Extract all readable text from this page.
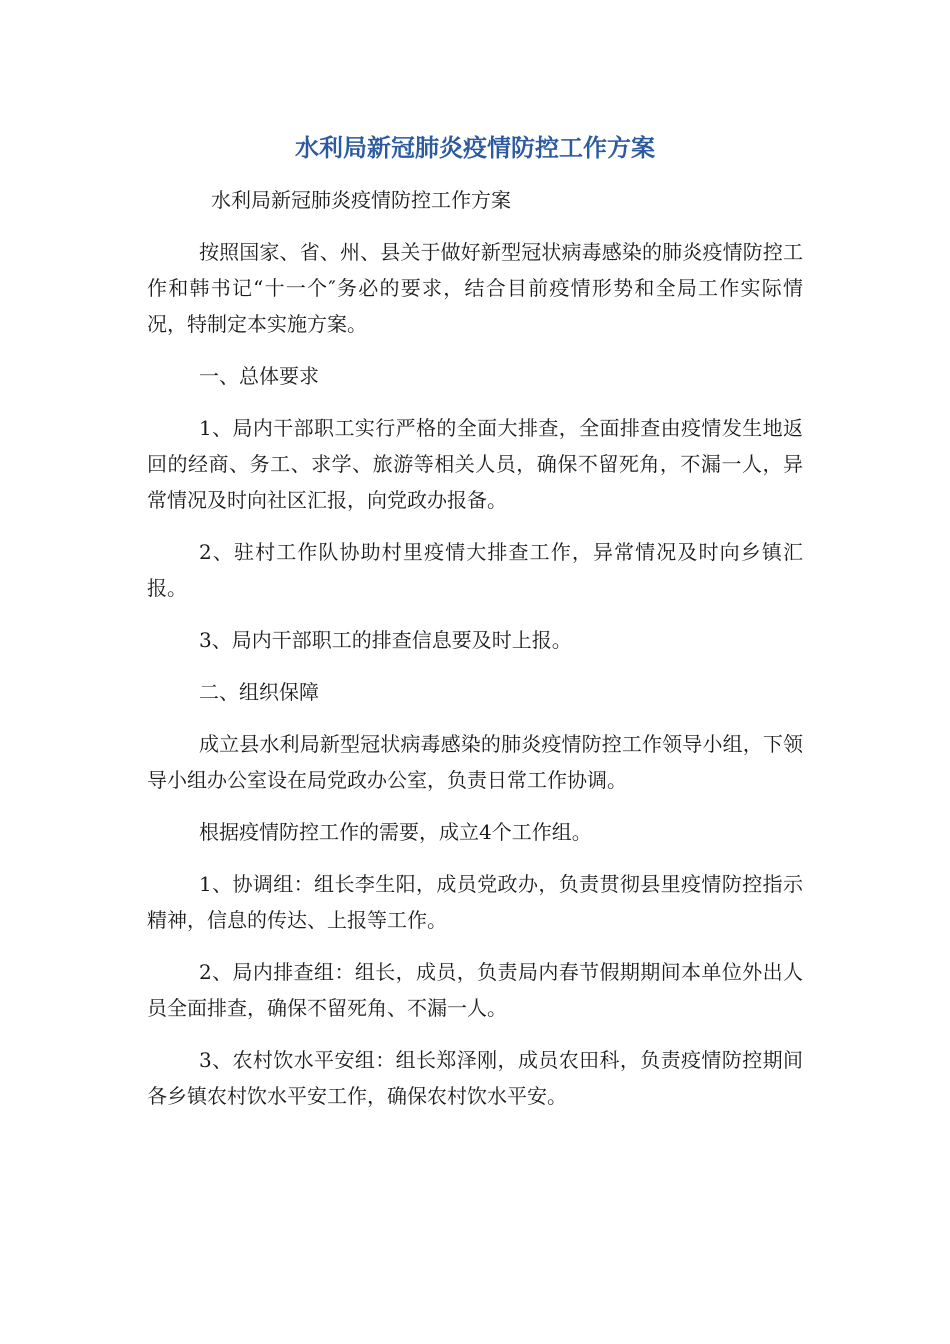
水利局新冠肺炎疫情防控工作方案

水利局新冠肺炎疫情防控工作方案

按照国家、省、州、县关于做好新型冠状病毒感染的肺炎疫情防控工作和韩书记“十一个″务必的要求，结合目前疫情形势和全局工作实际情况，特制定本实施方案。

一、总体要求

1、局内干部职工实行严格的全面大排查，全面排查由疫情发生地返回的经商、务工、求学、旅游等相关人员，确保不留死角，不漏一人，异常情况及时向社区汇报，向党政办报备。

2、驻村工作队协助村里疫情大排查工作，异常情况及时向乡镇汇报。

3、局内干部职工的排查信息要及时上报。

二、组织保障

成立县水利局新型冠状病毒感染的肺炎疫情防控工作领导小组，下领导小组办公室设在局党政办公室，负责日常工作协调。

根据疫情防控工作的需要，成立4个工作组。

1、协调组：组长李生阳，成员党政办，负责贯彻县里疫情防控指示精神，信息的传达、上报等工作。

2、局内排查组：组长，成员，负责局内春节假期期间本单位外出人员全面排查，确保不留死角、不漏一人。

3、农村饮水平安组：组长郑泽刚，成员农田科，负责疫情防控期间各乡镇农村饮水平安工作，确保农村饮水平安。
